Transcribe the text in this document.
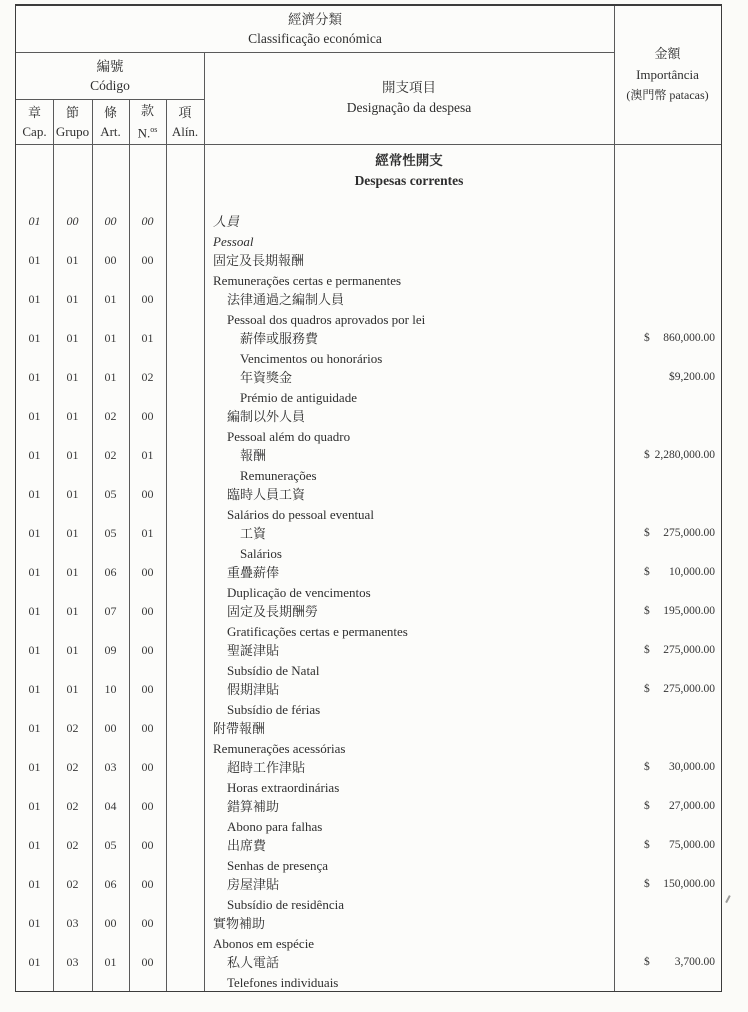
經濟分類
Classificação económica
金額
Importância
(澳門幣 patacas)
編號
Código	開支項目
Designação da despesa
章
Cap.
節
Grupo
條
Art.
款
N.$^{os}$
項
Alín.
經常性開支
Despesas correntes
01	00	00	00	人員
Pessoal
01	01	00	00	固定及長期報酬
Remunerações certas e permanentes
01	01	01	00	法律通過之編制人員
Pessoal dos quadros aprovados por lei
01	01	01	01	薪俸或服務費	$ 860,000.00
Vencimentos ou honorários
01	01	01	02	年資獎金	$ 9,200.00
Prémio de antiguidade
01	01	02	00	編制以外人員
Pessoal além do quadro
01	01	02	01	報酬	$ 2,280,000.00
Remunerações
01	01	05	00	臨時人員工資
Salários do pessoal eventual
01	01	05	01	工資	$ 275,000.00
Salários
01	01	06	00	重疊薪俸	$ 10,000.00
Duplicação de vencimentos
01	01	07	00	固定及長期酬勞	$ 195,000.00
Gratificações certas e permanentes
01	01	09	00	聖誕津貼	$ 275,000.00
Subsídio de Natal
01	01	10	00	假期津貼	$ 275,000.00
Subsídio de férias
01	02	00	00	附帶報酬
Remunerações acessórias
01	02	03	00	超時工作津貼	$ 30,000.00
Horas extraordinárias
01	02	04	00	錯算補助	$ 27,000.00
Abono para falhas
01	02	05	00	出席費	$ 75,000.00
Senhas de presença
01	02	06	00	房屋津貼	$ 150,000.00
Subsídio de residência
01	03	00	00	實物補助
Abonos em espécie
01	03	01	00	私人電話	$ 3,700.00
Telefones individuais
